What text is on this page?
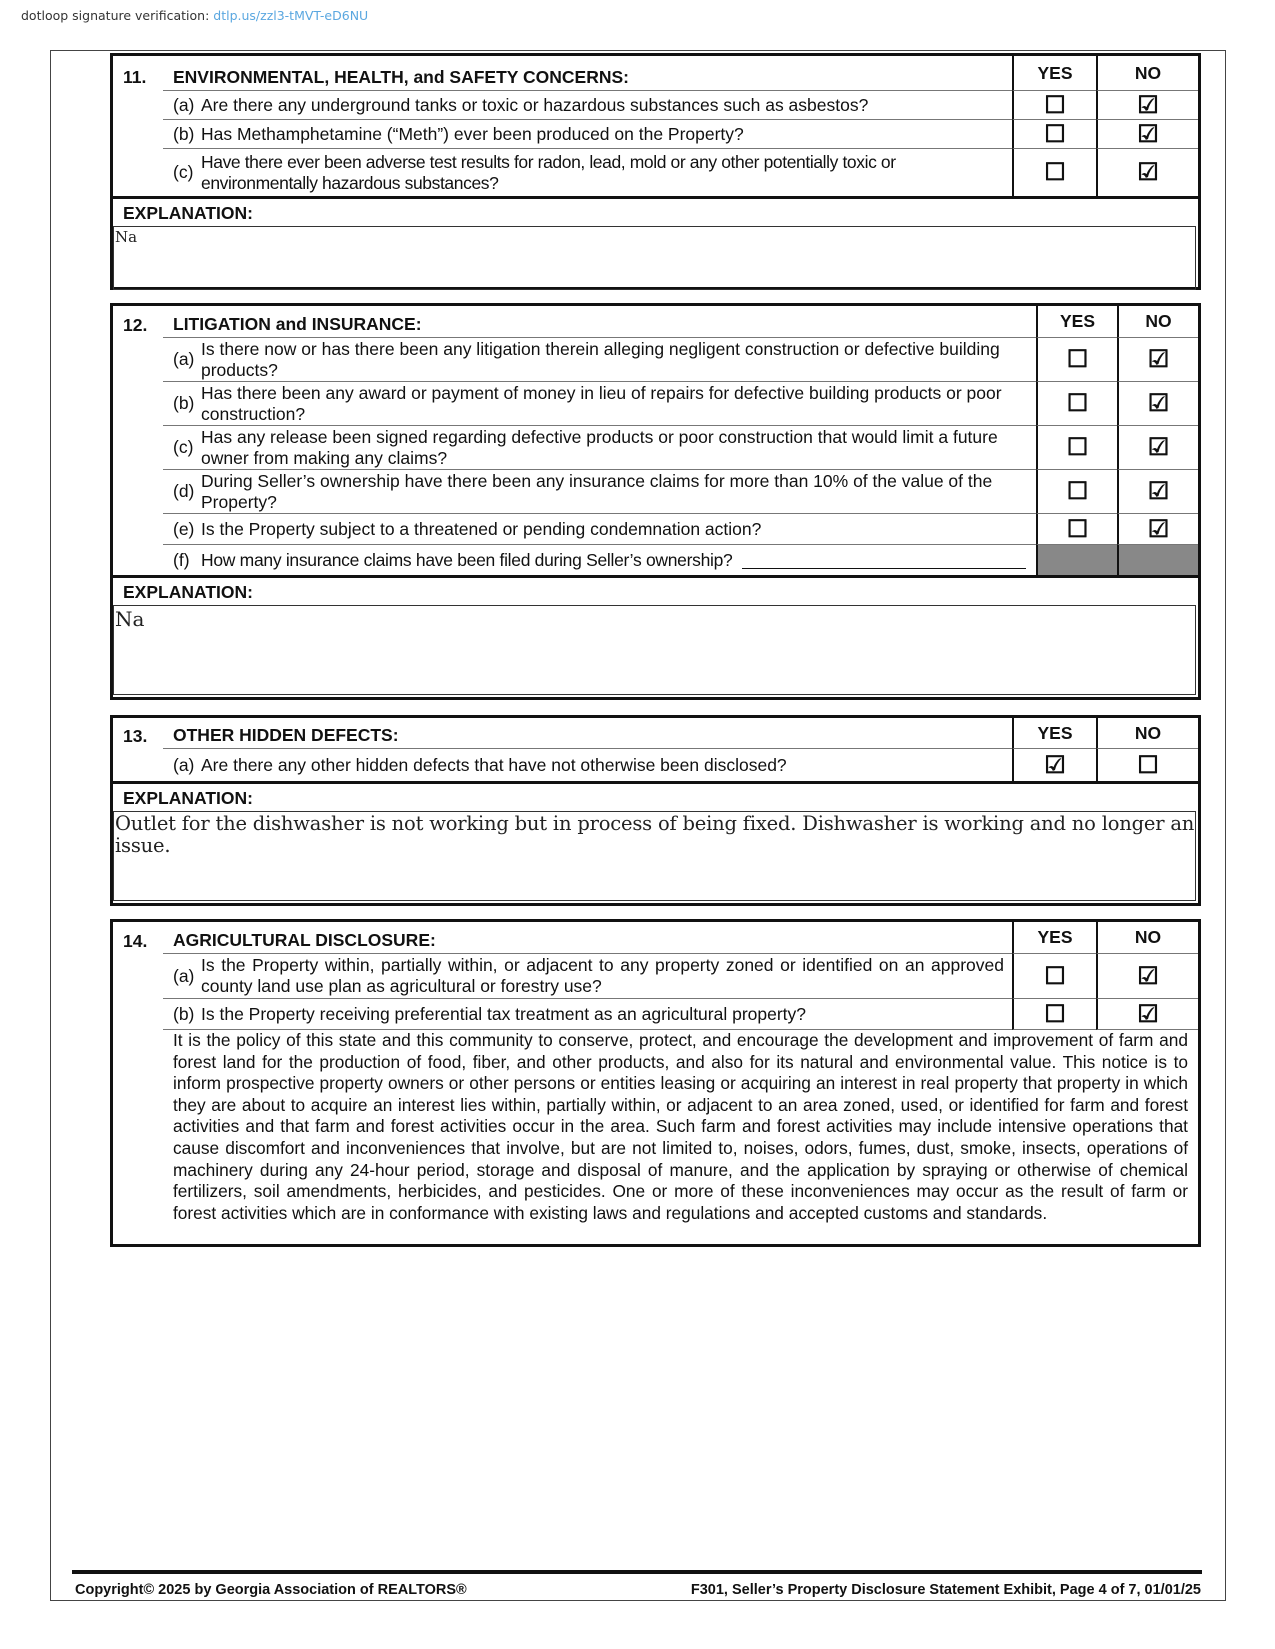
dotloop signature verification: dtlp.us/zzl3-tMVT-eD6NU
11.	ENVIRONMENTAL, HEALTH, and SAFETY CONCERNS:	YES	NO
(a) Are there any underground tanks or toxic or hazardous substances such as asbestos?	☐	☑
(b) Has Methamphetamine (“Meth”) ever been produced on the Property?	☐	☑
(c)
Have there ever been adverse test results for radon, lead, mold or any other potentially toxic or environmentally hazardous substances?	☐	☑
EXPLANATION:
Na
12.	LITIGATION and INSURANCE:	YES	NO
(a)
Is there now or has there been any litigation therein alleging negligent construction or defective building products?	☐	☑
(b)
Has there been any award or payment of money in lieu of repairs for defective building products or poor construction?	☐	☑
(c)
Has any release been signed regarding defective products or poor construction that would limit a future owner from making any claims?	☐	☑
(d)
During Seller’s ownership have there been any insurance claims for more than 10% of the value of the Property?	☐	☑
(e) Is the Property subject to a threatened or pending condemnation action?	☐	☑
(f) How many insurance claims have been filed during Seller’s ownership?
EXPLANATION:
Na
13.	OTHER HIDDEN DEFECTS:	YES	NO
(a) Are there any other hidden defects that have not otherwise been disclosed?	☑	☐
EXPLANATION:
Outlet for the dishwasher is not working but in process of being fixed. Dishwasher is working and no longer an issue.
14.	AGRICULTURAL DISCLOSURE:	YES	NO
(a)
Is the Property within, partially within, or adjacent to any property zoned or identified on an approved county land use plan as agricultural or forestry use?	☐	☑
(b) Is the Property receiving preferential tax treatment as an agricultural property?	☐	☑
It is the policy of this state and this community to conserve, protect, and encourage the development and improvement of farm and forest land for the production of food, fiber, and other products, and also for its natural and environmental value. This notice is to inform prospective property owners or other persons or entities leasing or acquiring an interest in real property that property in which they are about to acquire an interest lies within, partially within, or adjacent to an area zoned, used, or identified for farm and forest activities and that farm and forest activities occur in the area. Such farm and forest activities may include intensive operations that cause discomfort and inconveniences that involve, but are not limited to, noises, odors, fumes, dust, smoke, insects, operations of machinery during any 24-hour period, storage and disposal of manure, and the application by spraying or otherwise of chemical fertilizers, soil amendments, herbicides, and pesticides. One or more of these inconveniences may occur as the result of farm or forest activities which are in conformance with existing laws and regulations and accepted customs and standards.
Copyright© 2025 by Georgia Association of REALTORS®	F301, Seller’s Property Disclosure Statement Exhibit, Page 4 of 7, 01/01/25
